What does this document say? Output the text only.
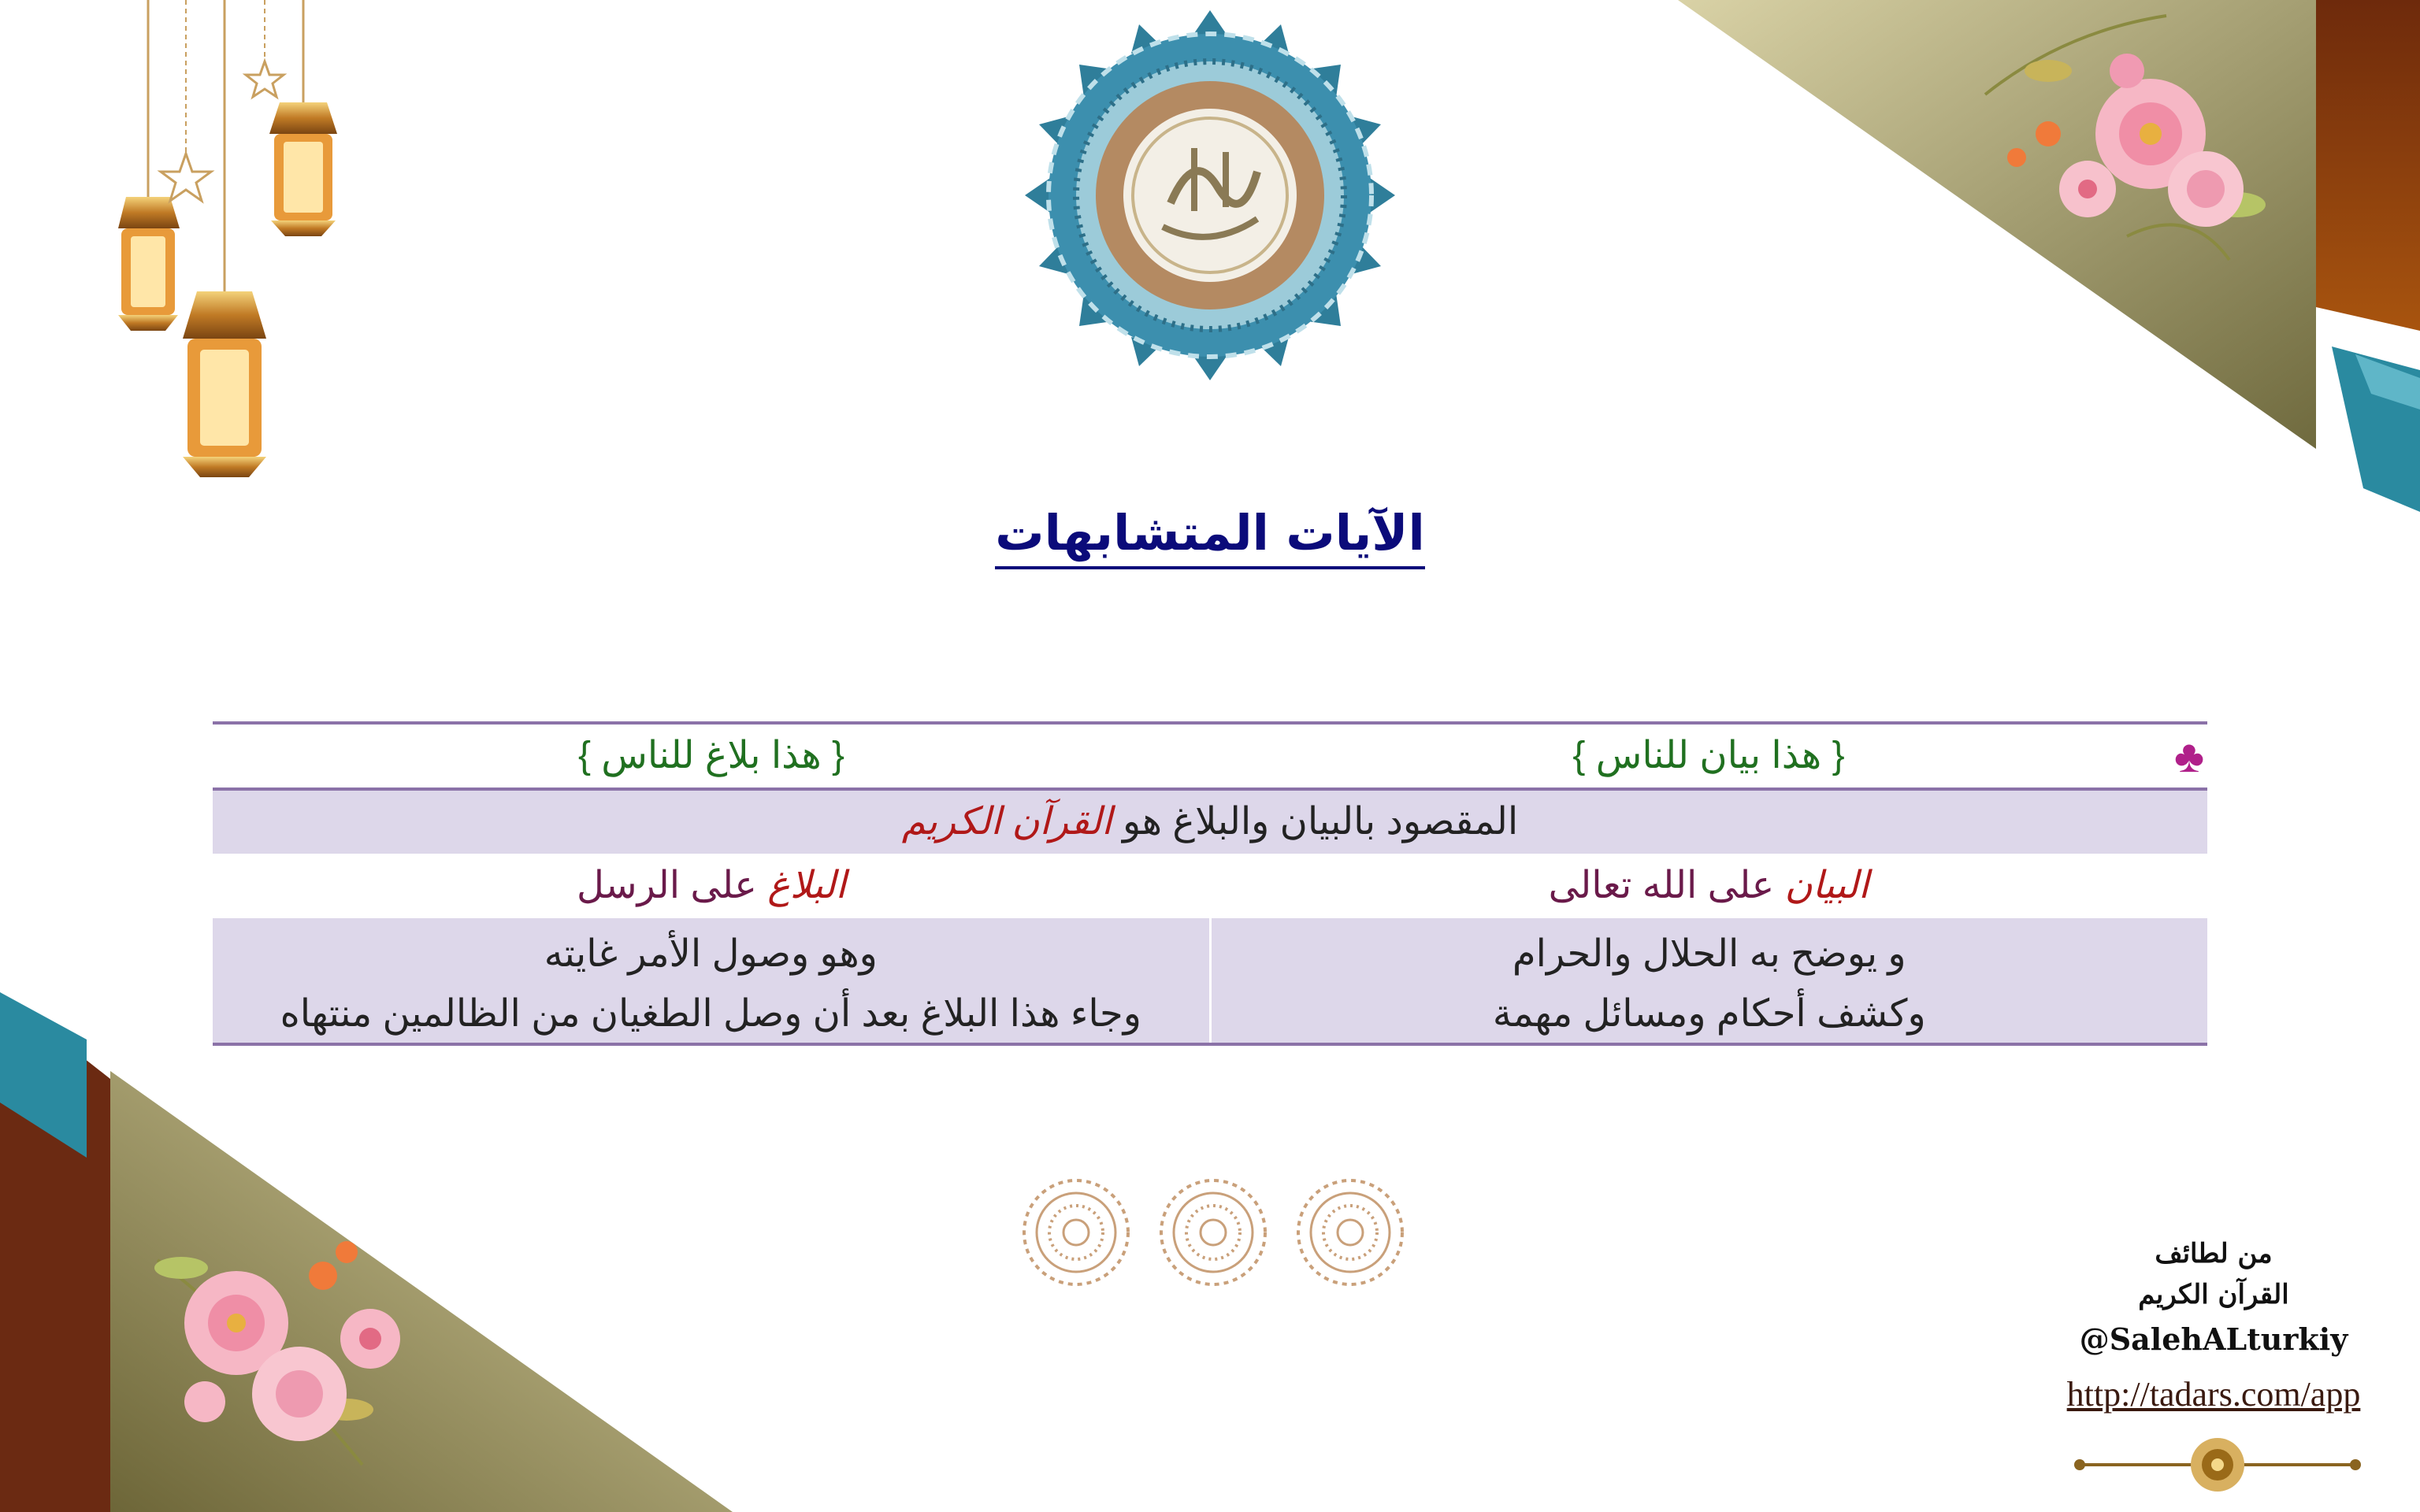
الآيات المتشابهات
♣
{ هذا بيان للناس }
{ هذا بلاغ للناس }
المقصود بالبيان والبلاغ هو القرآن الكريم
البيان على الله تعالى
البلاغ على الرسل
و يوضح به الحلال والحرام
وكشف أحكام ومسائل مهمة
وهو وصول الأمر غايته
وجاء هذا البلاغ بعد أن وصل الطغيان من الظالمين منتهاه
من لطائف
القرآن الكريم
@SalehALturkiy
http://tadars.com/app
